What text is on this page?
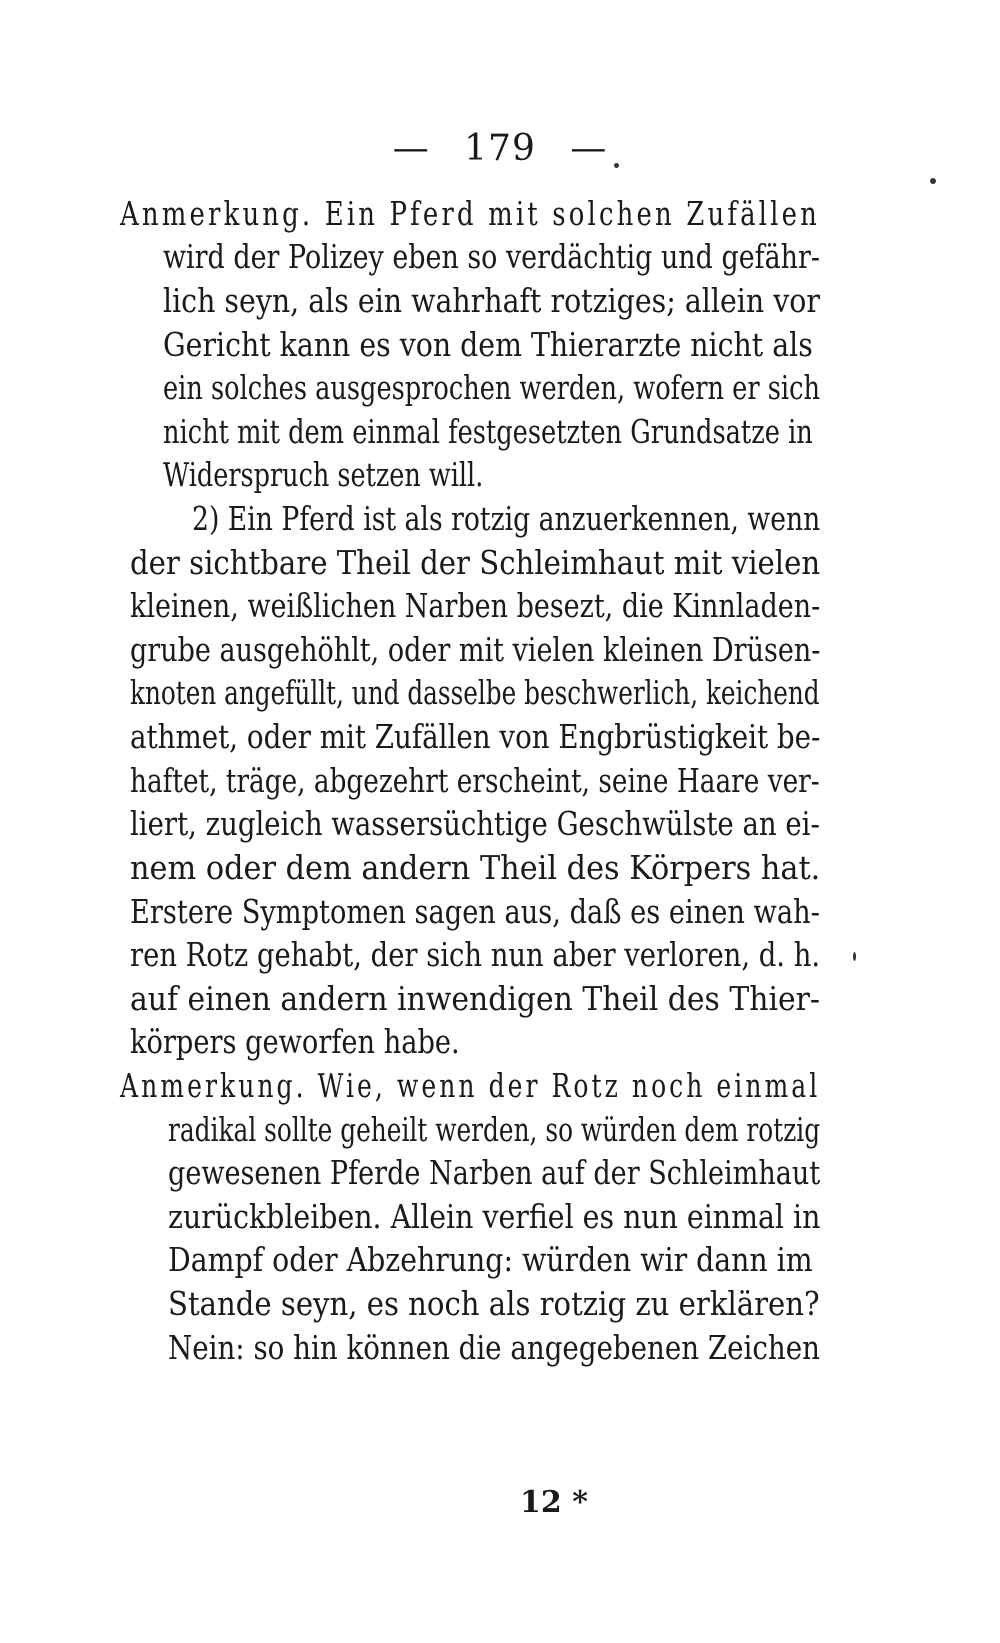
— 179 —
Anmerkung. Ein Pferd mit solchen Zufällen
wird der Polizey eben so verdächtig und gefähr-
lich seyn, als ein wahrhaft rotziges; allein vor
Gericht kann es von dem Thierarzte nicht als
ein solches ausgesprochen werden, wofern er sich
nicht mit dem einmal festgesetzten Grundsatze in
Widerspruch setzen will.
2) Ein Pferd ist als rotzig anzuerkennen, wenn
der sichtbare Theil der Schleimhaut mit vielen
kleinen, weißlichen Narben besezt, die Kinnladen-
grube ausgehöhlt, oder mit vielen kleinen Drüsen-
knoten angefüllt, und dasselbe beschwerlich, keichend
athmet, oder mit Zufällen von Engbrüstigkeit be-
haftet, träge, abgezehrt erscheint, seine Haare ver-
liert, zugleich wassersüchtige Geschwülste an ei-
nem oder dem andern Theil des Körpers hat.
Erstere Symptomen sagen aus, daß es einen wah-
ren Rotz gehabt, der sich nun aber verloren, d. h.
auf einen andern inwendigen Theil des Thier-
körpers geworfen habe.
Anmerkung. Wie, wenn der Rotz noch einmal
radikal sollte geheilt werden, so würden dem rotzig
gewesenen Pferde Narben auf der Schleimhaut
zurückbleiben. Allein verfiel es nun einmal in
Dampf oder Abzehrung: würden wir dann im
Stande seyn, es noch als rotzig zu erklären?
Nein: so hin können die angegebenen Zeichen
12 *
